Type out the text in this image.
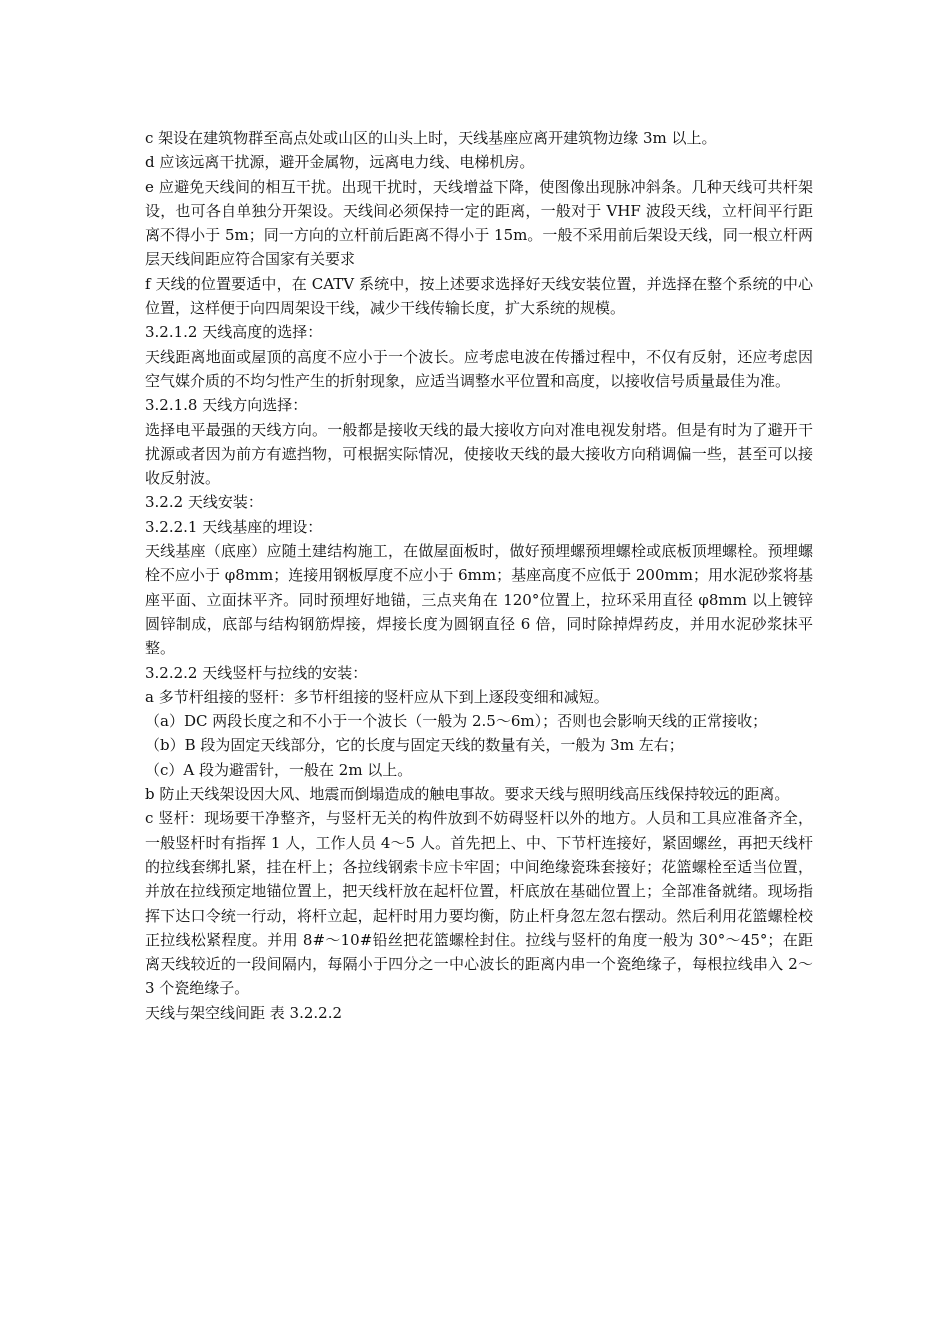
c 架设在建筑物群至高点处或山区的山头上时，天线基座应离开建筑物边缘 3m 以上。

d 应该远离干扰源，避开金属物，远离电力线、电梯机房。

e 应避免天线间的相互干扰。出现干扰时，天线增益下降，使图像出现脉冲斜条。几种天线可共杆架设，也可各自单独分开架设。天线间必须保持一定的距离，一般对于 VHF 波段天线，立杆间平行距离不得小于 5m；同一方向的立杆前后距离不得小于 15m。一般不采用前后架设天线，同一根立杆两层天线间距应符合国家有关要求

f 天线的位置要适中，在 CATV 系统中，按上述要求选择好天线安装位置，并选择在整个系统的中心位置，这样便于向四周架设干线，减少干线传输长度，扩大系统的规模。

3.2.1.2 天线高度的选择：

天线距离地面或屋顶的高度不应小于一个波长。应考虑电波在传播过程中，不仅有反射，还应考虑因空气媒介质的不均匀性产生的折射现象，应适当调整水平位置和高度，以接收信号质量最佳为准。

3.2.1.8 天线方向选择：

选择电平最强的天线方向。一般都是接收天线的最大接收方向对准电视发射塔。但是有时为了避开干扰源或者因为前方有遮挡物，可根据实际情况，使接收天线的最大接收方向稍调偏一些，甚至可以接收反射波。

3.2.2 天线安装：

3.2.2.1 天线基座的埋设：

天线基座（底座）应随土建结构施工，在做屋面板时，做好预埋螺预埋螺栓或底板顶埋螺栓。预埋螺栓不应小于 φ8mm；连接用钢板厚度不应小于 6mm；基座高度不应低于 200mm；用水泥砂浆将基座平面、立面抹平齐。同时预埋好地锚，三点夹角在 120°位置上，拉环采用直径 φ8mm 以上镀锌圆锌制成，底部与结构钢筋焊接，焊接长度为圆钢直径 6 倍，同时除掉焊药皮，并用水泥砂浆抹平整。

3.2.2.2 天线竖杆与拉线的安装：

a 多节杆组接的竖杆：多节杆组接的竖杆应从下到上逐段变细和减短。

（a）DC 两段长度之和不小于一个波长（一般为 2.5～6m）；否则也会影响天线的正常接收；

（b）B 段为固定天线部分，它的长度与固定天线的数量有关，一般为 3m 左右；

（c）A 段为避雷针，一般在 2m 以上。

b 防止天线架设因大风、地震而倒塌造成的触电事故。要求天线与照明线高压线保持较远的距离。

c 竖杆：现场要干净整齐，与竖杆无关的构件放到不妨碍竖杆以外的地方。人员和工具应准备齐全，一般竖杆时有指挥 1 人，工作人员 4～5 人。首先把上、中、下节杆连接好，紧固螺丝，再把天线杆的拉线套绑扎紧，挂在杆上；各拉线钢索卡应卡牢固；中间绝缘瓷珠套接好；花篮螺栓至适当位置，并放在拉线预定地锚位置上，把天线杆放在起杆位置，杆底放在基础位置上；全部准备就绪。现场指挥下达口令统一行动，将杆立起，起杆时用力要均衡，防止杆身忽左忽右摆动。然后利用花篮螺栓校正拉线松紧程度。并用 8#～10#铅丝把花篮螺栓封住。拉线与竖杆的角度一般为 30°～45°；在距离天线较近的一段间隔内，每隔小于四分之一中心波长的距离内串一个瓷绝缘子，每根拉线串入 2～3 个瓷绝缘子。

天线与架空线间距 表 3.2.2.2
